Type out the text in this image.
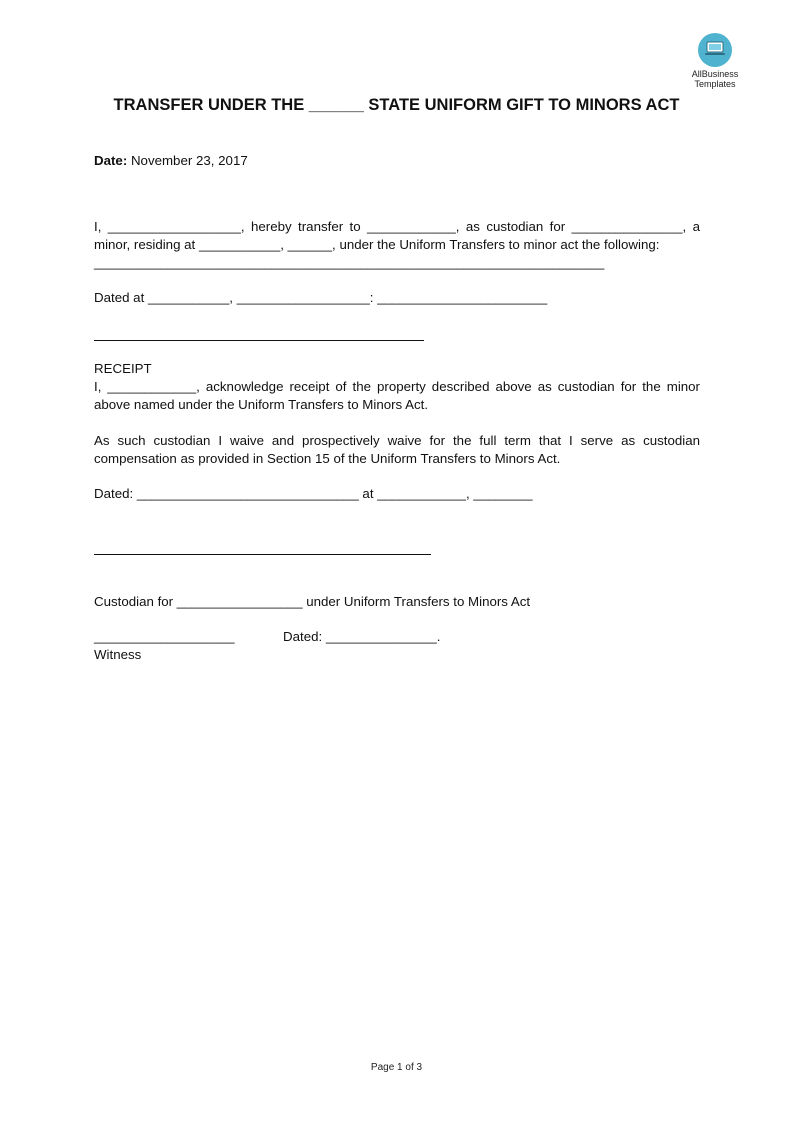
AllBusiness
Templates
TRANSFER UNDER THE ______ STATE UNIFORM GIFT TO MINORS ACT
Date: November 23, 2017
I, __________________, hereby transfer to ____________, as custodian for _______________, a
minor, residing at ___________, ______, under the Uniform Transfers to minor act the following:
_____________________________________________________________________
Dated at ___________, __________________: _______________________
RECEIPT
I, ____________, acknowledge receipt of the property described above as custodian for the minor
above named under the Uniform Transfers to Minors Act.
As such custodian I waive and prospectively waive for the full term that I serve as custodian
compensation as provided in Section 15 of the Uniform Transfers to Minors Act.
Dated: ______________________________ at ____________, ________
Custodian for _________________ under Uniform Transfers to Minors Act
___________________	Dated: _______________.
Witness
Page 1 of 3
